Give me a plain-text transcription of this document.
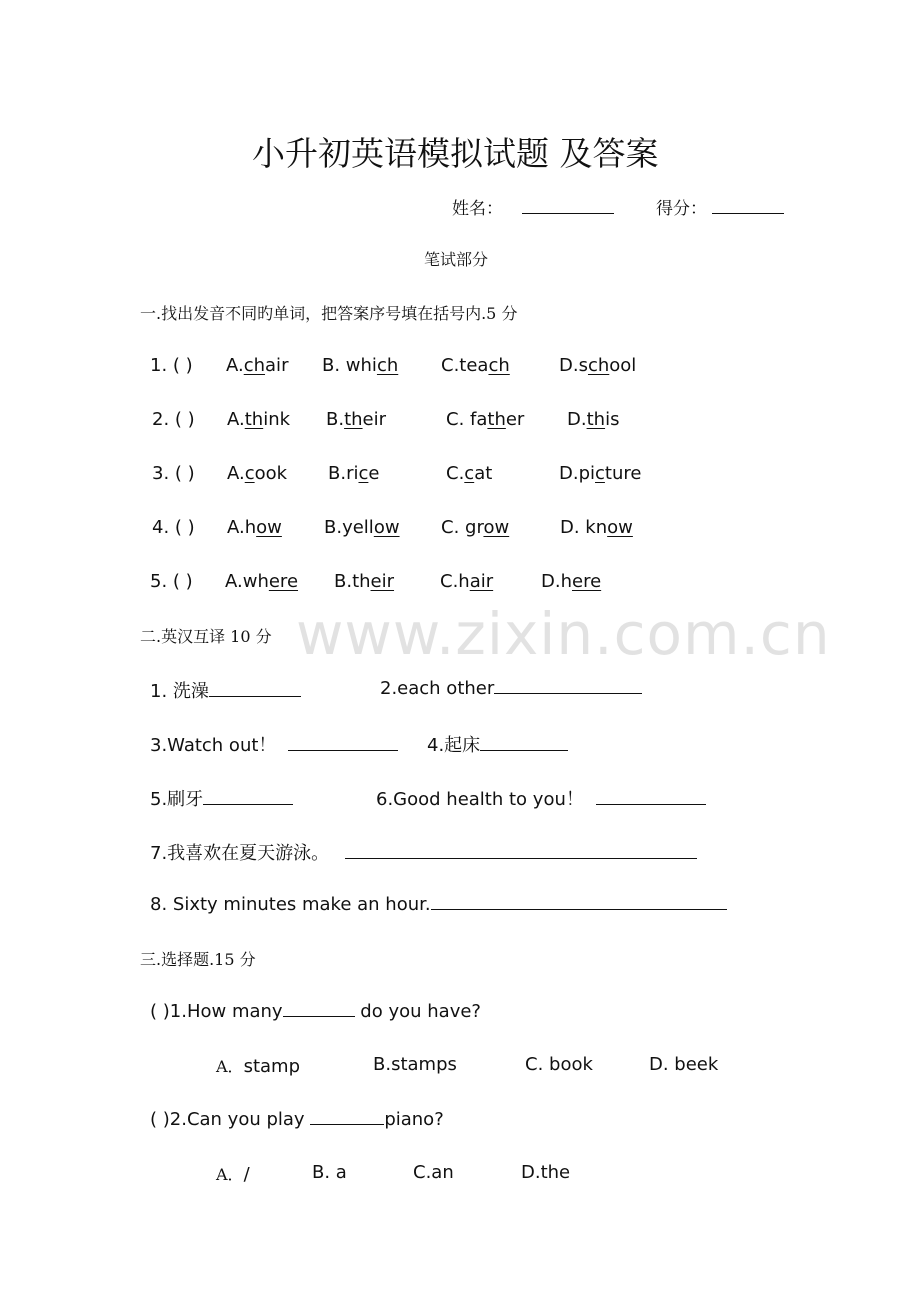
www.zixin.com.cn
小升初英语模拟试题 及答案
姓名：	得分：
笔试部分
一.找出发音不同旳单词，把答案序号填在括号内.5 分
1. ( ) A.chair B. which C.teach	D.school
2. ( ) A.think B.their	C. father D.this
3. ( ) A.cook B.rice	C.cat	D.picture
4. ( ) A.how B.yellow C. grow	D. know
5. ( ) A.where B.their	C.hair	D.here
二.英汉互译 10 分
1. 洗澡	2.each other
3.Watch out！	4.起床
5.刷牙	6.Good health to you！
7.我喜欢在夏天游泳。
8. Sixty minutes make an hour.
三.选择题.15 分
( )1.How many	do you have?
A．stamp	B.stamps	C. book	D. beek
( )2.Can you play	piano?
A．/	B. a	C.an	D.the
